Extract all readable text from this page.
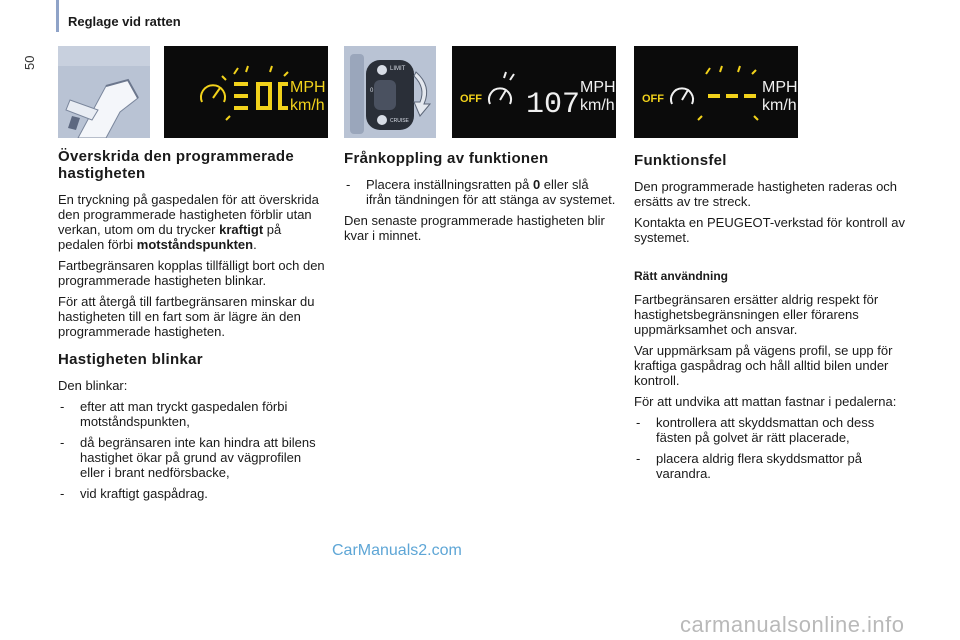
50
Reglage vid ratten
MPH
km/h
LIMIT
0
CRUISE
OFF 107
MPH
km/h OFF
MPH
km/h
Överskrida den programmerade hastigheten

En tryckning på gaspedalen för att överskrida den programmerade hastigheten förblir utan verkan, utom om du trycker kraftigt på pedalen förbi motståndspunkten.

Fartbegränsaren kopplas tillfälligt bort och den programmerade hastigheten blinkar.

För att återgå till fartbegränsaren minskar du hastigheten till en fart som är lägre än den programmerade hastigheten.

Hastigheten blinkar

Den blinkar:

- efter att man tryckt gaspedalen förbi motståndspunkten,
- då begränsaren inte kan hindra att bilens hastighet ökar på grund av vägprofilen eller i brant nedförsbacke,
- vid kraftigt gaspådrag.
Frånkoppling av funktionen
- Placera inställningsratten på 0 eller slå ifrån tändningen för att stänga av systemet.

Den senaste programmerade hastigheten blir kvar i minnet.

Funktionsfel

Den programmerade hastigheten raderas och ersätts av tre streck.

Kontakta en PEUGEOT-verkstad för kontroll av systemet.

Rätt användning

Fartbegränsaren ersätter aldrig respekt för hastighetsbegränsningen eller förarens uppmärksamhet och ansvar.

Var uppmärksam på vägens profil, se upp för kraftiga gaspådrag och håll alltid bilen under kontroll.

För att undvika att mattan fastnar i pedalerna:

- kontrollera att skyddsmattan och dess fästen på golvet är rätt placerade,
- placera aldrig flera skyddsmattor på varandra.
CarManuals2.com
carmanualsonline.info
